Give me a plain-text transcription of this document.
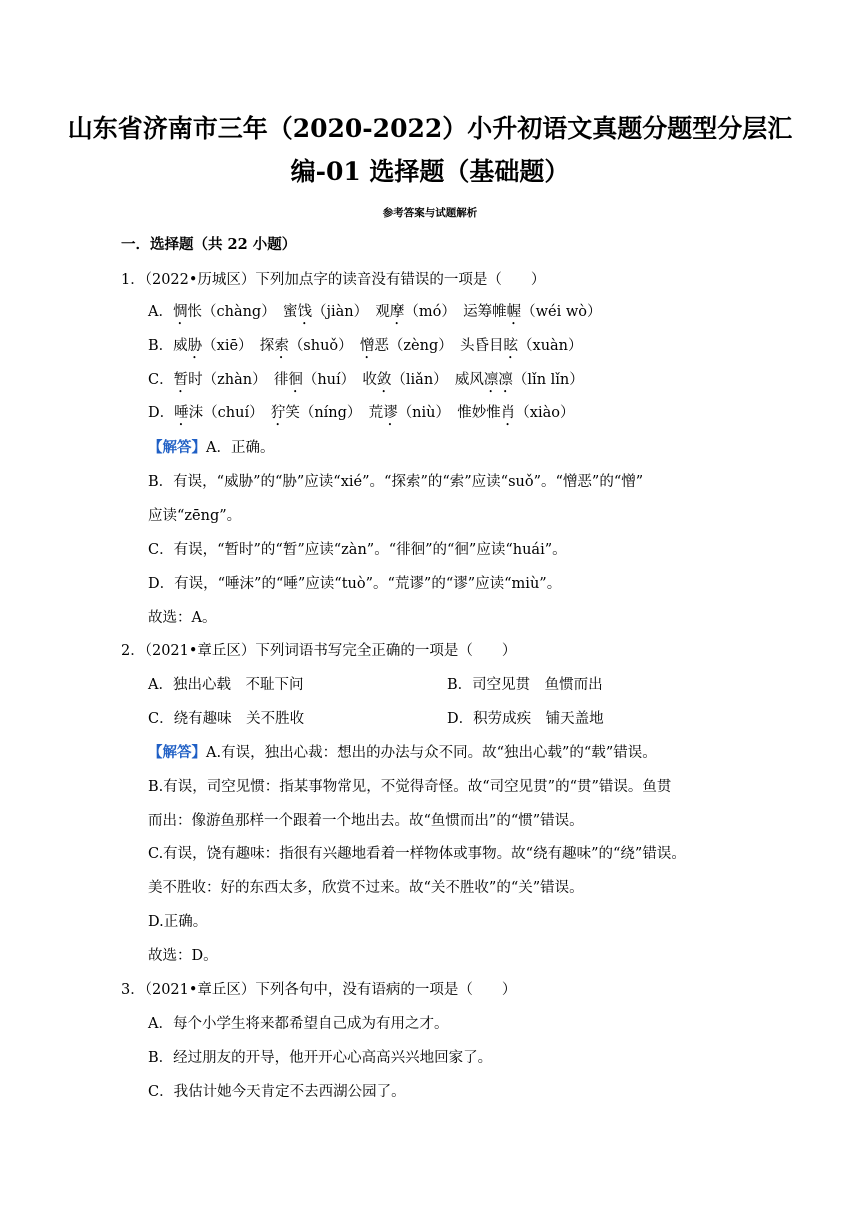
山东省济南市三年（2020-2022）小升初语文真题分题型分层汇
编-01 选择题（基础题）
参考答案与试题解析
一．选择题（共 22 小题）
1．（2022•历城区）下列加点字的读音没有错误的一项是（　　）
A．惆怅（chàng）　蜜饯（jiàn）　观摩（mó）　运筹帷幄（wéi wò）
B．威胁（xiē）　探索（shuǒ）　憎恶（zèng）　头昏目眩（xuàn）
C．暂时（zhàn）　徘徊（huí）　收敛（liǎn）　威风凛凛（lǐn lǐn）
D．唾沫（chuí）　狞笑（níng）　荒谬（niù）　惟妙惟肖（xiào）
【解答】A．正确。
B．有误，“威胁”的“胁”应读“xié”。“探索”的“索”应读“suǒ”。“憎恶”的“憎”
应读“zēng”。
C．有误，“暂时”的“暂”应读“zàn”。“徘徊”的“徊”应读“huái”。
D．有误，“唾沫”的“唾”应读“tuò”。“荒谬”的“谬”应读“miù”。
故选：A。
2．（2021•章丘区）下列词语书写完全正确的一项是（　　）
A．独出心载　不耻下问	B．司空见贯　鱼惯而出
C．绕有趣味　关不胜收	D．积劳成疾　铺天盖地
【解答】A.有误，独出心裁：想出的办法与众不同。故“独出心载”的“载”错误。
B.有误，司空见惯：指某事物常见，不觉得奇怪。故“司空见贯”的“贯”错误。鱼贯
而出：像游鱼那样一个跟着一个地出去。故“鱼惯而出”的“惯”错误。
C.有误，饶有趣味：指很有兴趣地看着一样物体或事物。故“绕有趣味”的“绕”错误。
美不胜收：好的东西太多，欣赏不过来。故“关不胜收”的“关”错误。
D.正确。
故选：D。
3．（2021•章丘区）下列各句中，没有语病的一项是（　　）
A．每个小学生将来都希望自己成为有用之才。
B．经过朋友的开导，他开开心心高高兴兴地回家了。
C．我估计她今天肯定不去西湖公园了。
